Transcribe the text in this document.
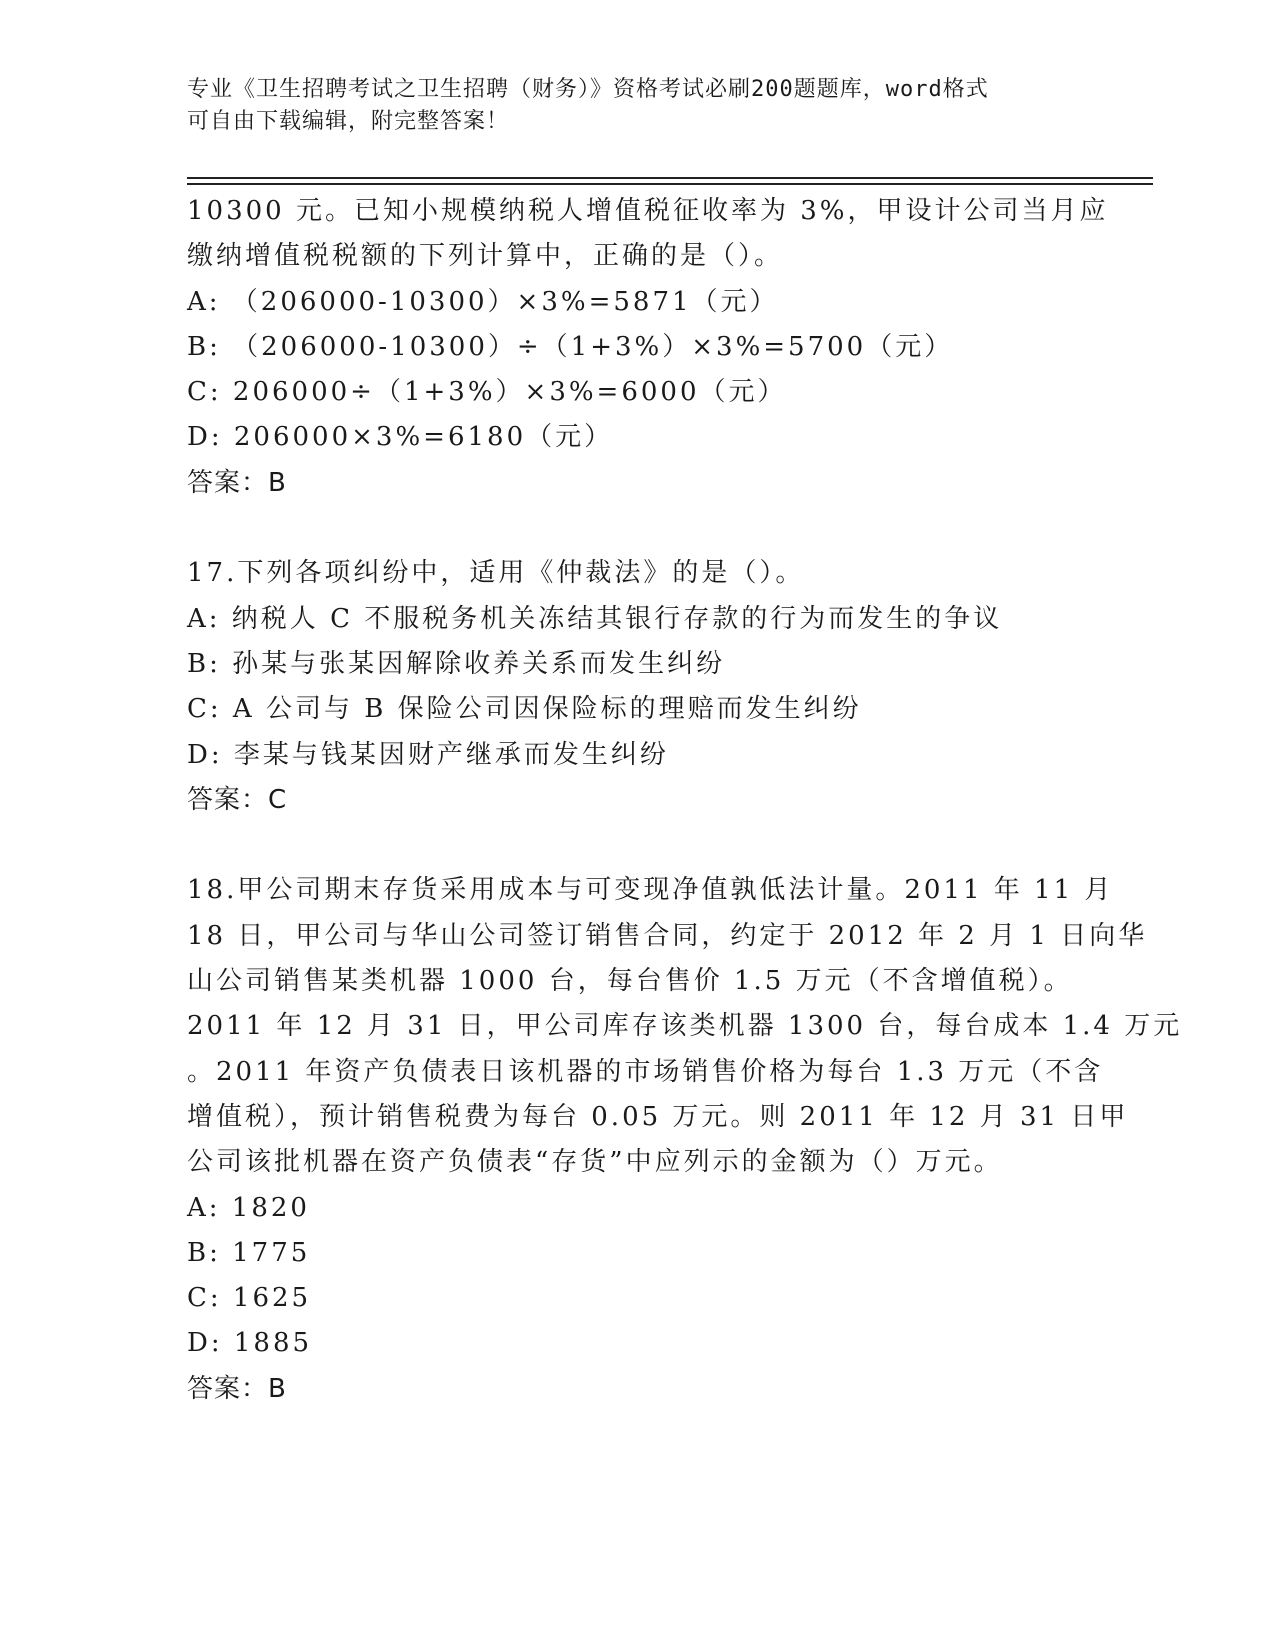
专业《卫生招聘考试之卫生招聘（财务）》资格考试必刷200题题库，word格式
可自由下载编辑，附完整答案！
10300 元。已知小规模纳税人增值税征收率为 3%，甲设计公司当月应
缴纳增值税税额的下列计算中，正确的是（）。
A: （206000-10300）×3%=5871（元）
B: （206000-10300）÷（1+3%）×3%=5700（元）
C: 206000÷（1+3%）×3%=6000（元）
D: 206000×3%=6180（元）
答案：B
17.下列各项纠纷中，适用《仲裁法》的是（）。
A: 纳税人 C 不服税务机关冻结其银行存款的行为而发生的争议
B: 孙某与张某因解除收养关系而发生纠纷
C: A 公司与 B 保险公司因保险标的理赔而发生纠纷
D: 李某与钱某因财产继承而发生纠纷
答案：C
18.甲公司期末存货采用成本与可变现净值孰低法计量。2011 年 11 月
18 日，甲公司与华山公司签订销售合同，约定于 2012 年 2 月 1 日向华
山公司销售某类机器 1000 台，每台售价 1.5 万元（不含增值税）。
2011 年 12 月 31 日，甲公司库存该类机器 1300 台，每台成本 1.4 万元
。2011 年资产负债表日该机器的市场销售价格为每台 1.3 万元（不含
增值税），预计销售税费为每台 0.05 万元。则 2011 年 12 月 31 日甲
公司该批机器在资产负债表“存货”中应列示的金额为（）万元。
A: 1820
B: 1775
C: 1625
D: 1885
答案：B
